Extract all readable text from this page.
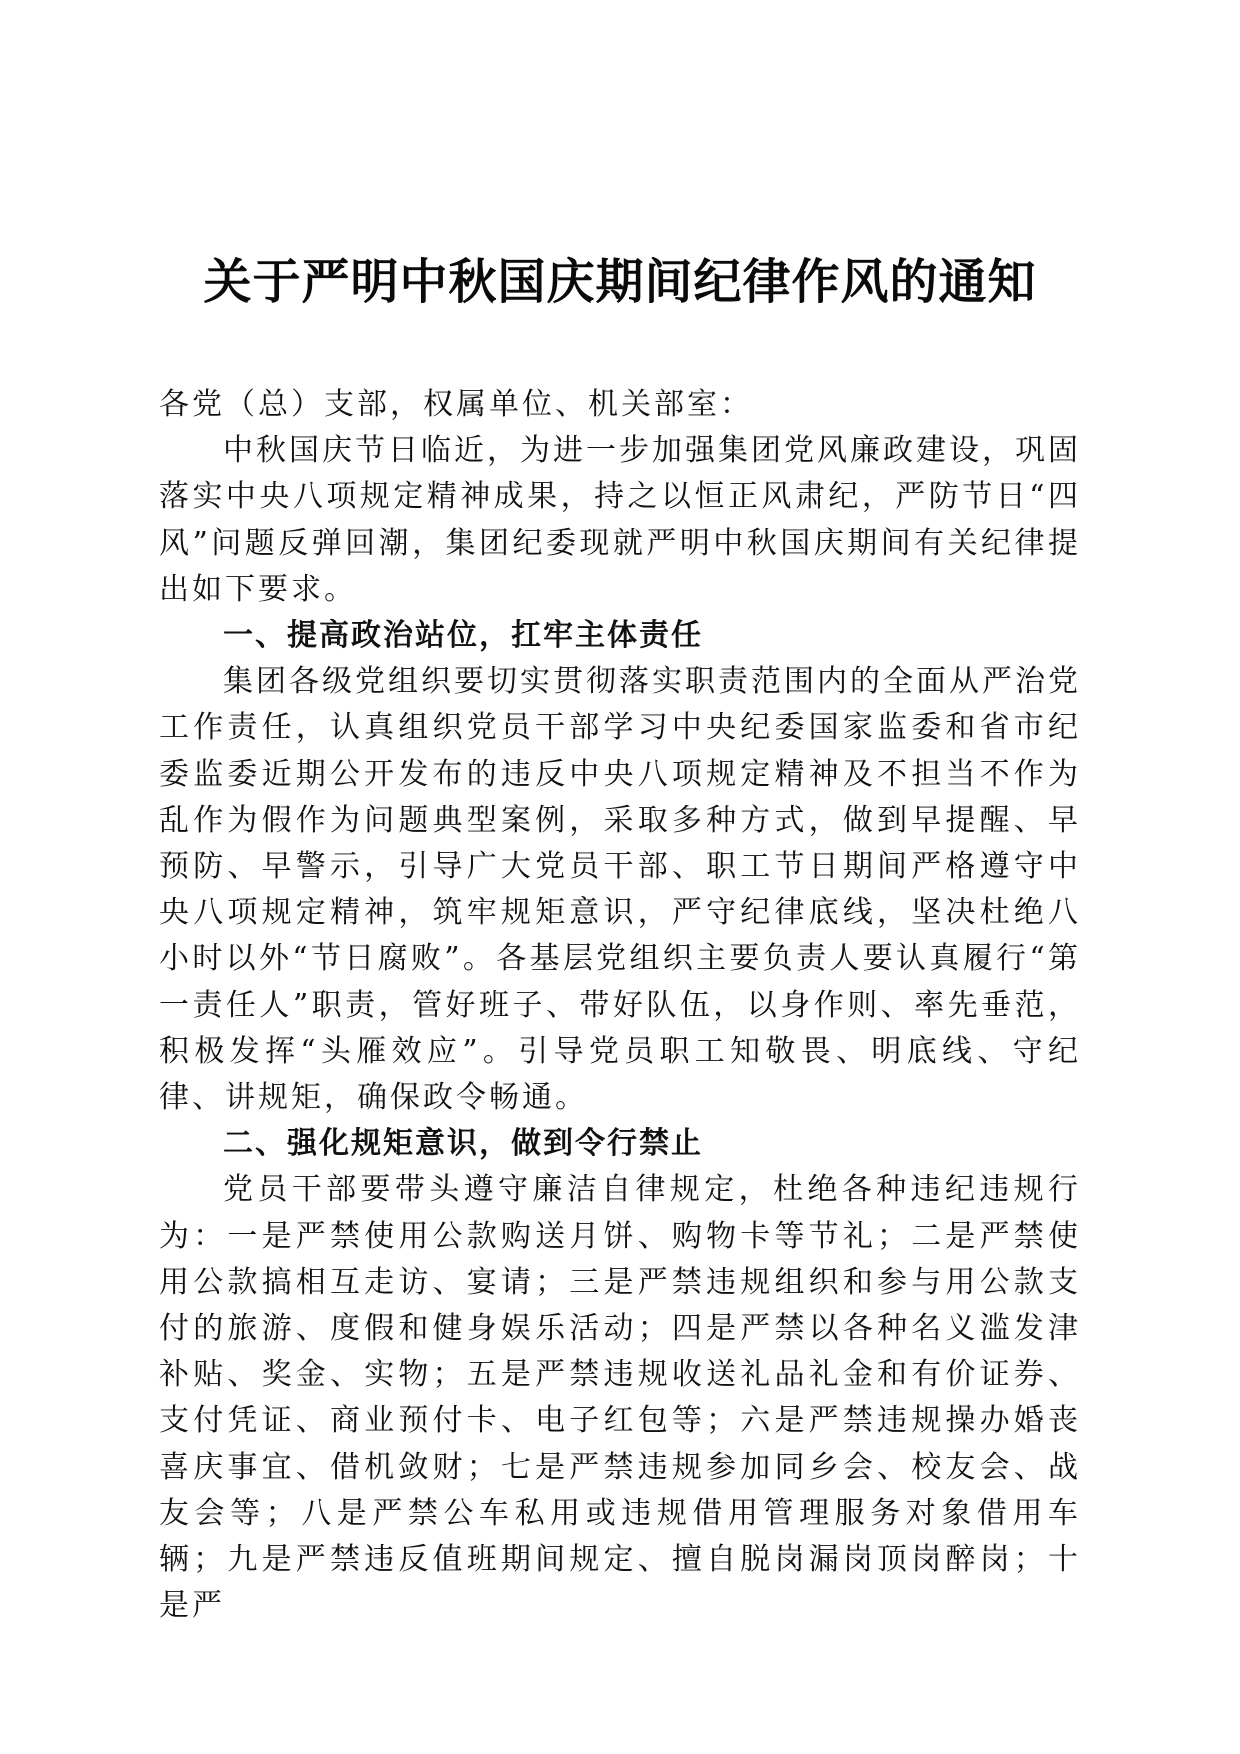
关于严明中秋国庆期间纪律作风的通知

各党（总）支部，权属单位、机关部室：

中秋国庆节日临近，为进一步加强集团党风廉政建设，巩固落实中央八项规定精神成果，持之以恒正风肃纪，严防节日“四风”问题反弹回潮，集团纪委现就严明中秋国庆期间有关纪律提出如下要求。

一、提高政治站位，扛牢主体责任

集团各级党组织要切实贯彻落实职责范围内的全面从严治党工作责任，认真组织党员干部学习中央纪委国家监委和省市纪委监委近期公开发布的违反中央八项规定精神及不担当不作为乱作为假作为问题典型案例，采取多种方式，做到早提醒、早预防、早警示，引导广大党员干部、职工节日期间严格遵守中央八项规定精神，筑牢规矩意识，严守纪律底线，坚决杜绝八小时以外“节日腐败”。各基层党组织主要负责人要认真履行“第一责任人”职责，管好班子、带好队伍，以身作则、率先垂范，积极发挥“头雁效应”。引导党员职工知敬畏、明底线、守纪律、讲规矩，确保政令畅通。

二、强化规矩意识，做到令行禁止

党员干部要带头遵守廉洁自律规定，杜绝各种违纪违规行为：一是严禁使用公款购送月饼、购物卡等节礼；二是严禁使用公款搞相互走访、宴请；三是严禁违规组织和参与用公款支付的旅游、度假和健身娱乐活动；四是严禁以各种名义滥发津补贴、奖金、实物；五是严禁违规收送礼品礼金和有价证券、支付凭证、商业预付卡、电子红包等；六是严禁违规操办婚丧喜庆事宜、借机敛财；七是严禁违规参加同乡会、校友会、战友会等；八是严禁公车私用或违规借用管理服务对象借用车辆；九是严禁违反值班期间规定、擅自脱岗漏岗顶岗醉岗；十是严
